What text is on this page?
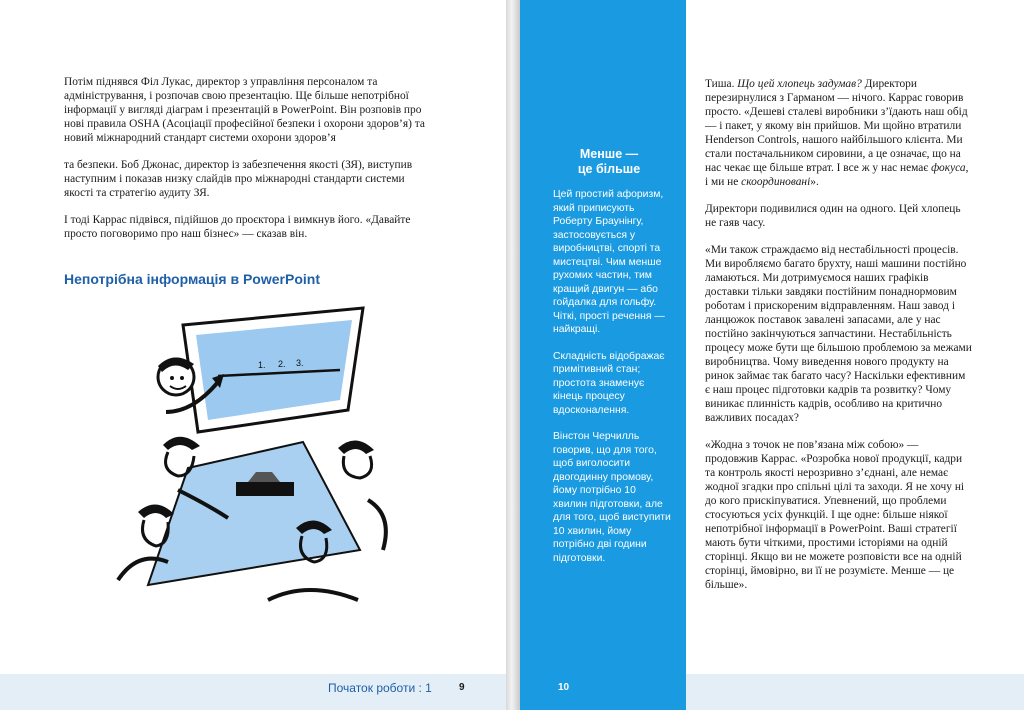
Потім піднявся Філ Лукас, директор з управління персоналом та адміністрування, і розпочав свою презентацію. Ще більше непотрібної інформації у вигляді діаграм і презентацій в PowerPoint. Він розповів про нові правила OSHA (Асоціації професійної безпеки і охорони здоров’я) та новий міжнародний стандарт системи охорони здоров’я

та безпеки. Боб Джонас, директор із забезпечення якості (ЗЯ), виступив наступним і показав низку слайдів про міжнародні стандарти системи якості та стратегію аудиту ЗЯ.

І тоді Каррас підвівся, підійшов до проєктора і вимкнув його. «Давайте просто поговоримо про наш бізнес» — сказав він.

Непотрібна інформація в PowerPoint
1. 2. 3.
Початок роботи : 1	9
Менше —
це більше

Цей простий афоризм, який приписують Роберту Браунінгу, застосовується у виробництві, спорті та мистецтві. Чим менше рухомих частин, тим кращий двигун — або гойдалка для гольфу. Чіткі, прості речення — найкращі.

Складність відображає примітивний стан; простота знаменує кінець процесу вдосконалення.

Вінстон Черчилль говорив, що для того, щоб виголосити двогодинну промову, йому потрібно 10 хвилин підготовки, але для того, щоб виступити 10 хвилин, йому потрібно дві години підготовки.

10

Тиша. Що цей хлопець задумав? Директори перезирнулися з Гарманом — нічого. Каррас говорив просто. «Дешеві сталеві виробники з’їдають наш обід — і пакет, у якому він прийшов. Ми щойно втратили Henderson Controls, нашого найбільшого клієнта. Ми стали постачальником сировини, а це означає, що на нас чекає ще більше втрат. І все ж у нас немає фокуса, і ми не скоординовані».

Директори подивилися один на одного. Цей хлопець не гаяв часу.

«Ми також страждаємо від нестабільності процесів. Ми виробляємо багато брухту, наші машини постійно ламаються. Ми дотримуємося наших графіків доставки тільки завдяки постійним понаднормовим роботам і прискореним відправленням. Наш завод і ланцюжок поставок завалені запасами, але у нас постійно закінчуються запчастини. Нестабільність процесу може бути ще більшою проблемою за межами виробництва. Чому виведення нового продукту на ринок займає так багато часу? Наскільки ефективним є наш процес підготовки кадрів та розвитку? Чому виникає плинність кадрів, особливо на критично важливих посадах?

«Жодна з точок не пов’язана між собою» — продовжив Каррас. «Розробка нової продукції, кадри та контроль якості нерозривно з’єднані, але немає жодної згадки про спільні цілі та заходи. Я не хочу ні до кого прискіпуватися. Упевнений, що проблеми стосуються усіх функцій. І ще одне: більше ніякої непотрібної інформації в PowerPoint. Ваші стратегії мають бути чіткими, простими історіями на одній сторінці. Якщо ви не можете розповісти все на одній сторінці, ймовірно, ви її не розумієте. Менше — це більше».
